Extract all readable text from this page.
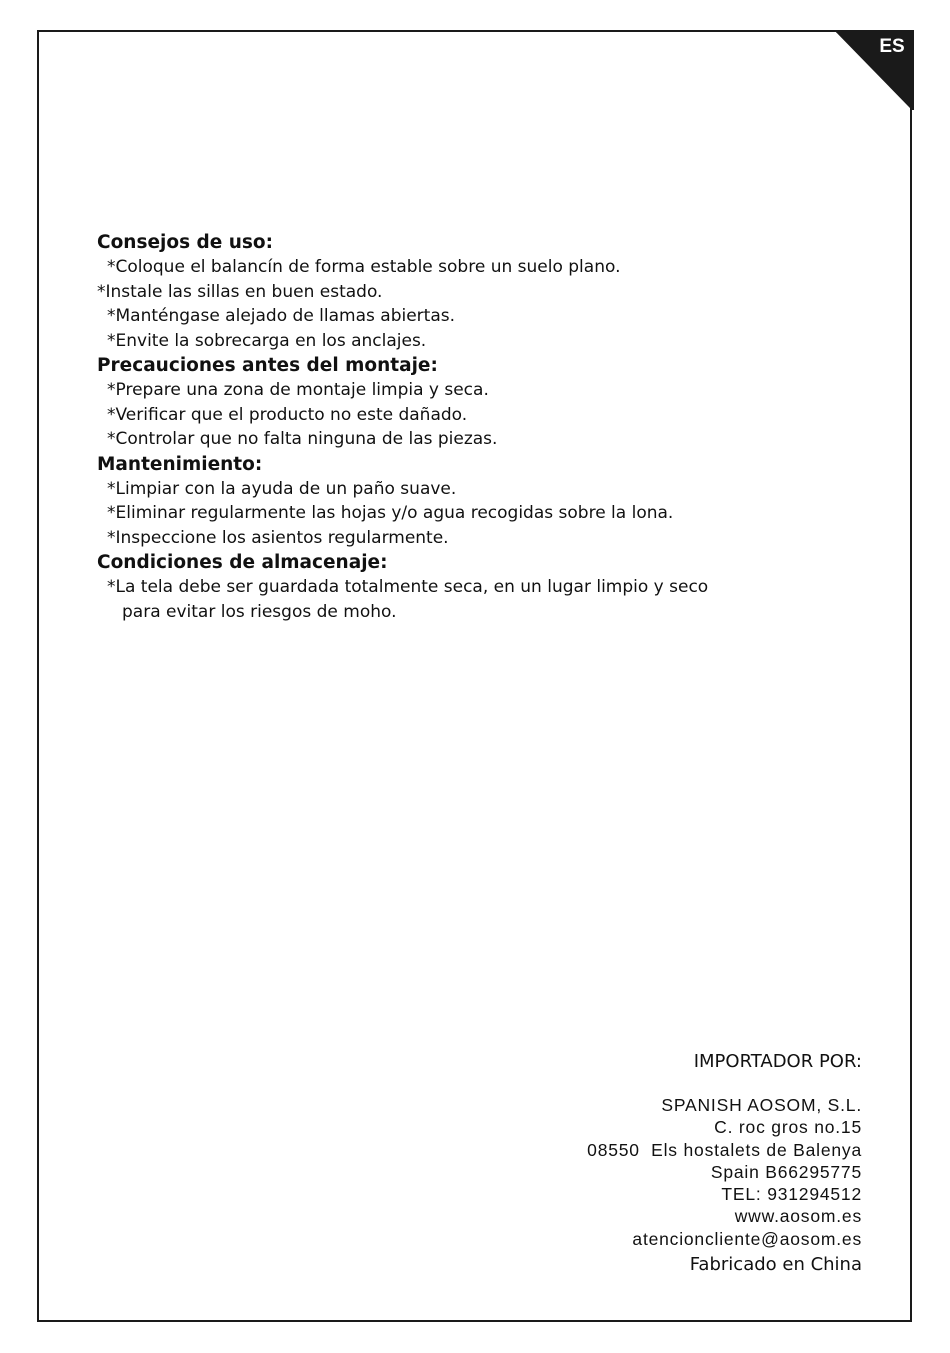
ES

Consejos de uso:

*Coloque el balancín de forma estable sobre un suelo plano.

*Instale las sillas en buen estado.

*Manténgase alejado de llamas abiertas.

*Envite la sobrecarga en los anclajes.

Precauciones antes del montaje:

*Prepare una zona de montaje limpia y seca.

*Verificar que el producto no este dañado.

*Controlar que no falta ninguna de las piezas.

Mantenimiento:

*Limpiar con la ayuda de un paño suave.

*Eliminar regularmente las hojas y/o agua recogidas sobre la lona.

*Inspeccione los asientos regularmente.

Condiciones de almacenaje:

*La tela debe ser guardada totalmente seca, en un lugar limpio y seco

para evitar los riesgos de moho.

IMPORTADOR POR:

SPANISH AOSOM, S.L.

C. roc gros no.15

08550  Els hostalets de Balenya

Spain B66295775

TEL: 931294512

www.aosom.es

atencioncliente@aosom.es

Fabricado en China
